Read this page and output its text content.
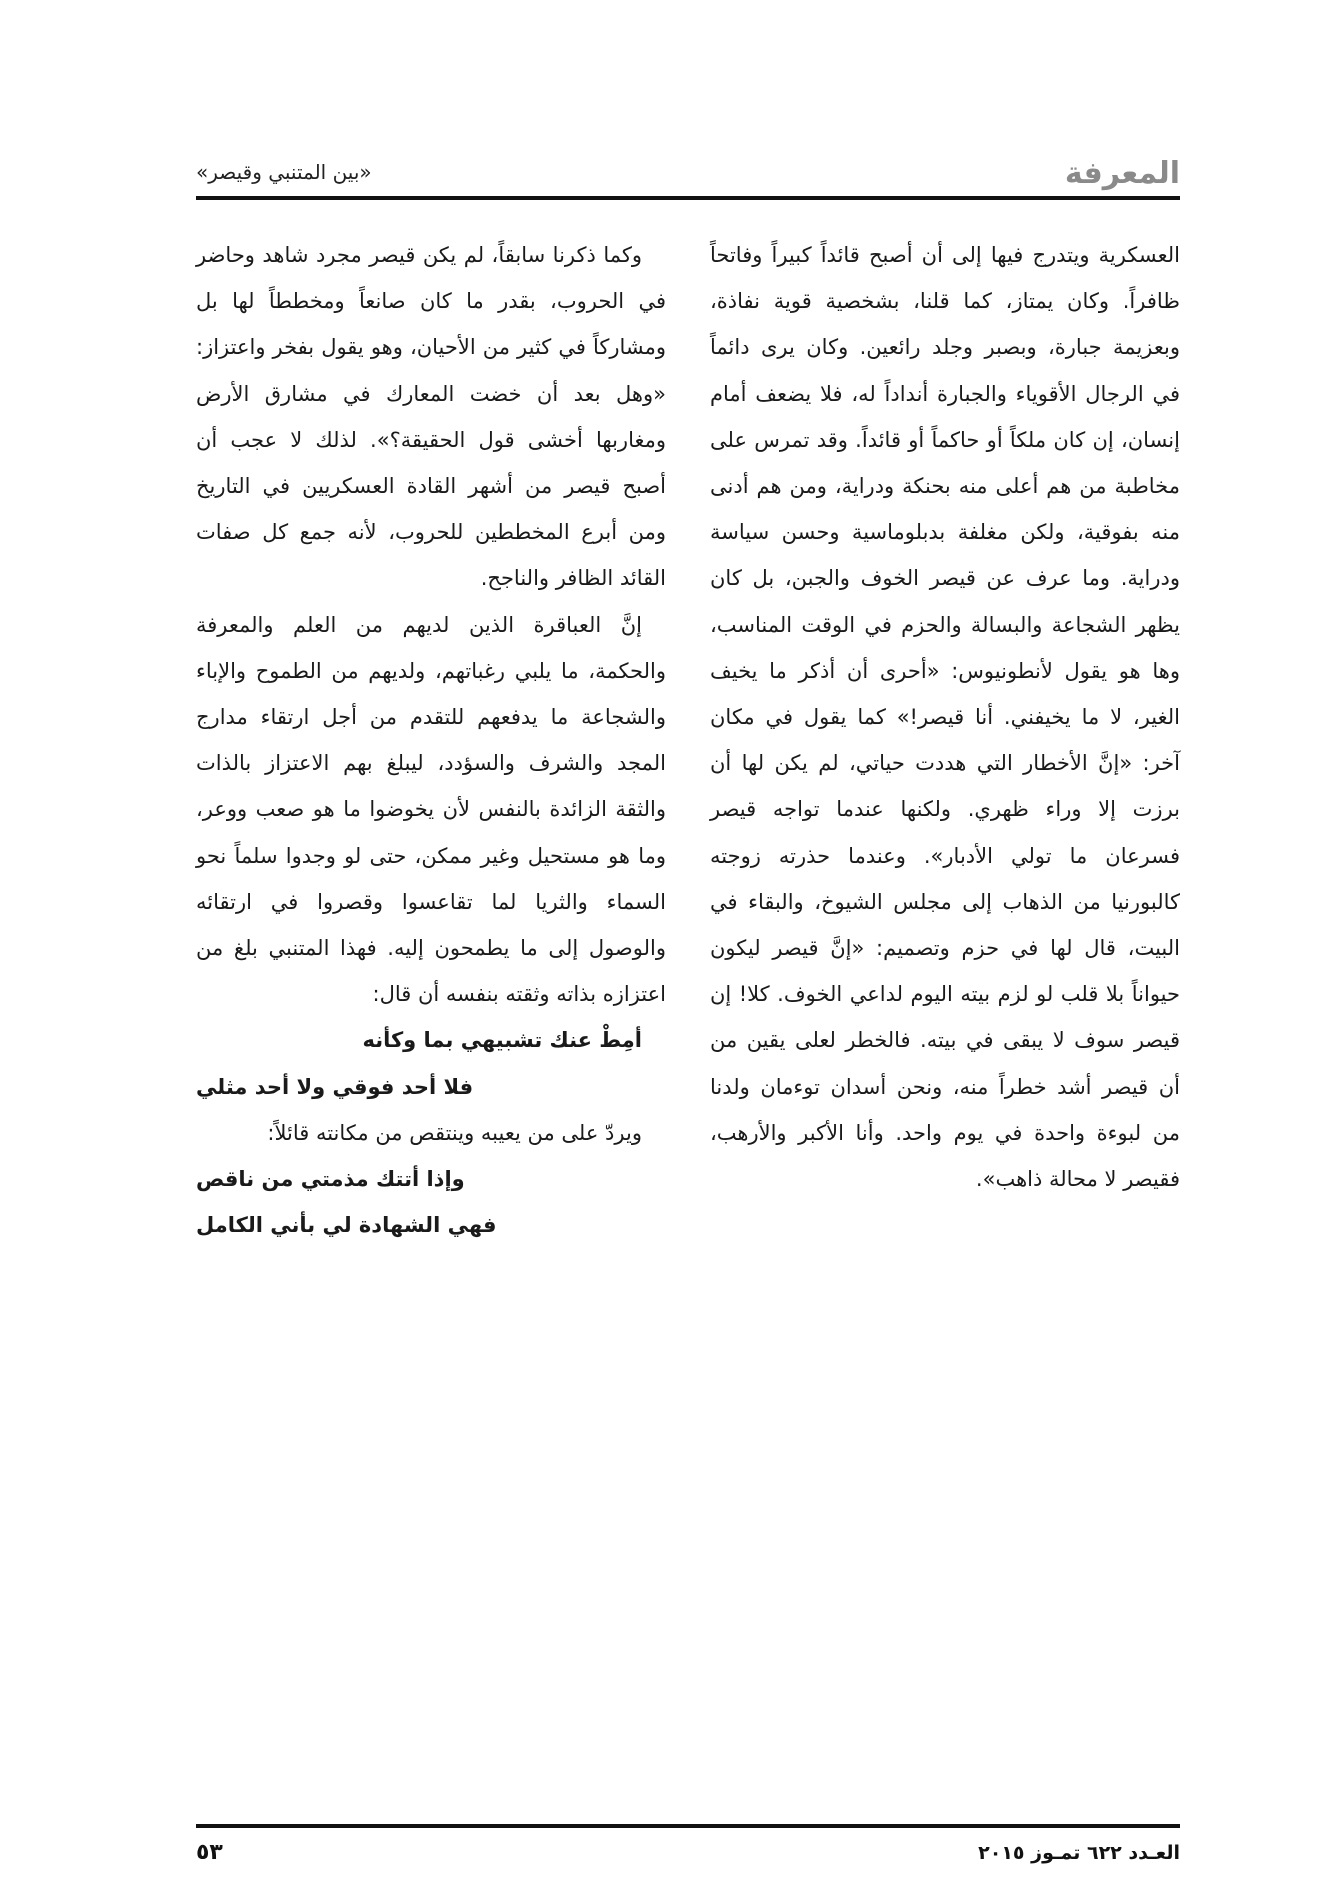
المعرفة
«بين المتنبي وقيصر»

العسكرية ويتدرج فيها إلى أن أصبح قائداً كبيراً وفاتحاً ظافراً. وكان يمتاز، كما قلنا، بشخصية قوية نفاذة، وبعزيمة جبارة، وبصبر وجلد رائعين. وكان يرى دائماً في الرجال الأقوياء والجبارة أنداداً له، فلا يضعف أمام إنسان، إن كان ملكاً أو حاكماً أو قائداً. وقد تمرس على مخاطبة من هم أعلى منه بحنكة ودراية، ومن هم أدنى منه بفوقية، ولكن مغلفة بدبلوماسية وحسن سياسة ودراية. وما عرف عن قيصر الخوف والجبن، بل كان يظهر الشجاعة والبسالة والحزم في الوقت المناسب، وها هو يقول لأنطونيوس: «أحرى أن أذكر ما يخيف الغير، لا ما يخيفني. أنا قيصر!» كما يقول في مكان آخر: «إنَّ الأخطار التي هددت حياتي، لم يكن لها أن برزت إلا وراء ظهري. ولكنها عندما تواجه قيصر فسرعان ما تولي الأدبار». وعندما حذرته زوجته كالبورنيا من الذهاب إلى مجلس الشيوخ، والبقاء في البيت، قال لها في حزم وتصميم: «إنَّ قيصر ليكون حيواناً بلا قلب لو لزم بيته اليوم لداعي الخوف. كلا! إن قيصر سوف لا يبقى في بيته. فالخطر لعلى يقين من أن قيصر أشد خطراً منه، ونحن أسدان توءمان ولدنا من لبوءة واحدة في يوم واحد. وأنا الأكبر والأرهب، فقيصر لا محالة ذاهب».

وكما ذكرنا سابقاً، لم يكن قيصر مجرد شاهد وحاضر في الحروب، بقدر ما كان صانعاً ومخططاً لها بل ومشاركاً في كثير من الأحيان، وهو يقول بفخر واعتزاز: «وهل بعد أن خضت المعارك في مشارق الأرض ومغاربها أخشى قول الحقيقة؟». لذلك لا عجب أن أصبح قيصر من أشهر القادة العسكريين في التاريخ ومن أبرع المخططين للحروب، لأنه جمع كل صفات القائد الظافر والناجح.

إنَّ العباقرة الذين لديهم من العلم والمعرفة والحكمة، ما يلبي رغباتهم، ولديهم من الطموح والإباء والشجاعة ما يدفعهم للتقدم من أجل ارتقاء مدارج المجد والشرف والسؤدد، ليبلغ بهم الاعتزاز بالذات والثقة الزائدة بالنفس لأن يخوضوا ما هو صعب ووعر، وما هو مستحيل وغير ممكن، حتى لو وجدوا سلماً نحو السماء والثريا لما تقاعسوا وقصروا في ارتقائه والوصول إلى ما يطمحون إليه. فهذا المتنبي بلغ من اعتزازه بذاته وثقته بنفسه أن قال:

أمِطْ عنك تشبيهي بما وكأنه

فلا أحد فوقي ولا أحد مثلي

ويردّ على من يعيبه وينتقص من مكانته قائلاً:

وإذا أتتك مذمتي من ناقص

فهي الشهادة لي بأني الكامل

العـدد ٦٢٢ تمـوز ٢٠١٥
٥٣
